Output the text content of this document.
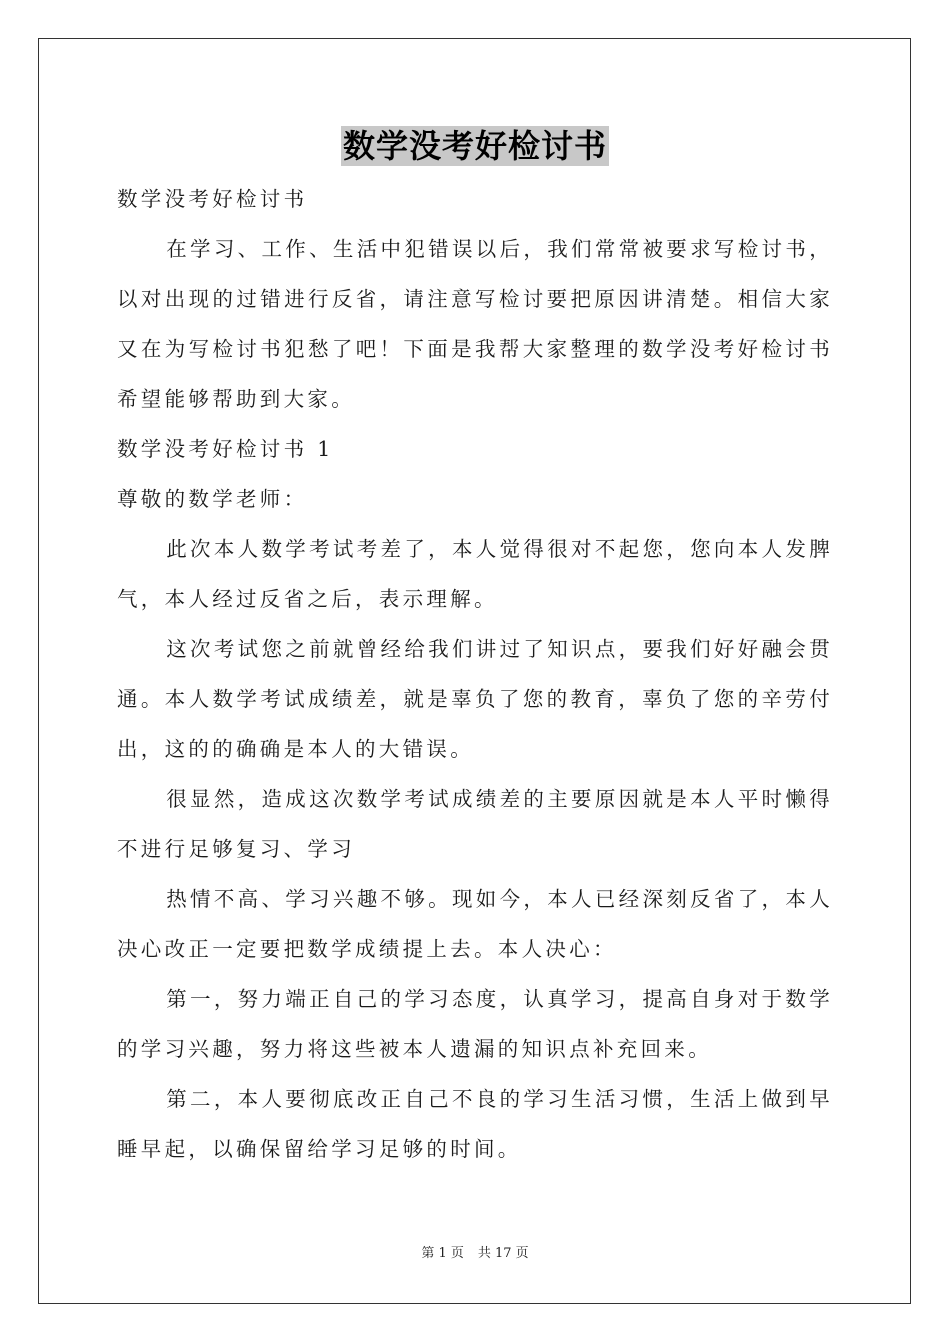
数学没考好检讨书

数学没考好检讨书

在学习、工作、生活中犯错误以后，我们常常被要求写检讨书，以对出现的过错进行反省，请注意写检讨要把原因讲清楚。相信大家又在为写检讨书犯愁了吧！下面是我帮大家整理的数学没考好检讨书希望能够帮助到大家。

数学没考好检讨书 1

尊敬的数学老师：

此次本人数学考试考差了，本人觉得很对不起您，您向本人发脾气，本人经过反省之后，表示理解。

这次考试您之前就曾经给我们讲过了知识点，要我们好好融会贯通。本人数学考试成绩差，就是辜负了您的教育，辜负了您的辛劳付出，这的的确确是本人的大错误。

很显然，造成这次数学考试成绩差的主要原因就是本人平时懒得不进行足够复习、学习

热情不高、学习兴趣不够。现如今，本人已经深刻反省了，本人决心改正一定要把数学成绩提上去。本人决心：

第一，努力端正自己的学习态度，认真学习，提高自身对于数学的学习兴趣，努力将这些被本人遗漏的知识点补充回来。

第二，本人要彻底改正自己不良的学习生活习惯，生活上做到早睡早起，以确保留给学习足够的时间。

第 1 页 共 17 页
